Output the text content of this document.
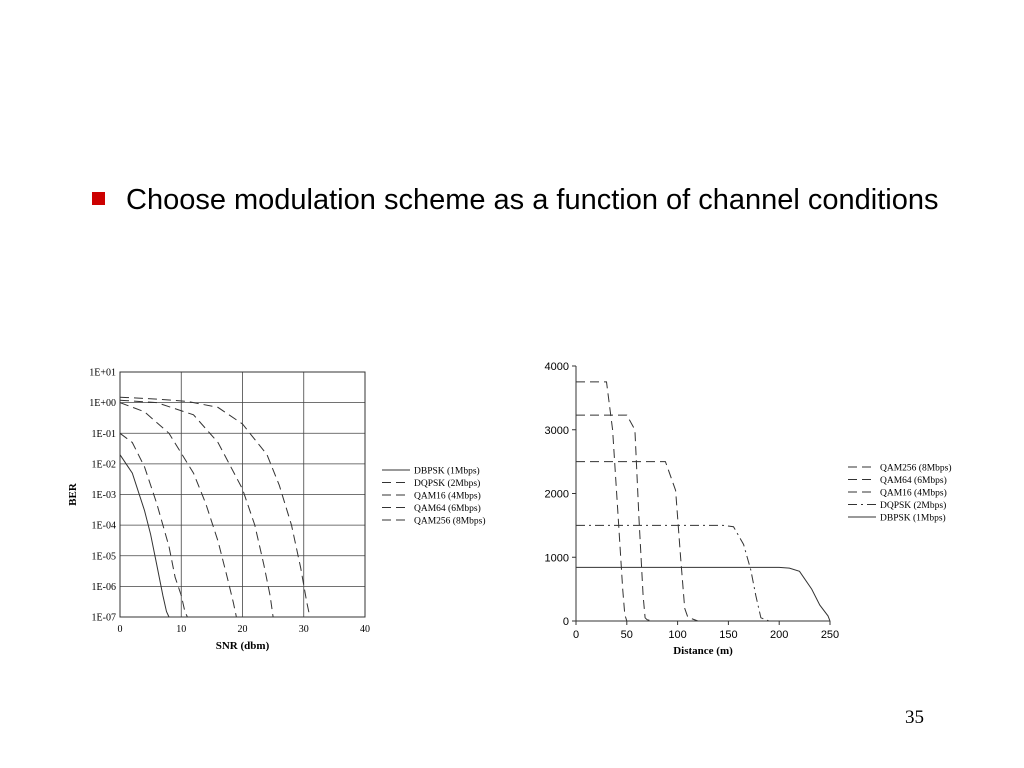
Choose modulation scheme as a function of channel conditions
1E-07
1E-06
1E-05
1E-04
1E-03
1E-02
1E-01
1E+00
1E+01
0	10	20	30	40
SNR (dbm)
BER
DBPSK (1Mbps)
DQPSK (2Mbps)
QAM16 (4Mbps)
QAM64 (6Mbps)
QAM256 (8Mbps)
0
1000
2000
3000
4000
0	50	100	150	200	250
Distance (m)
QAM256 (8Mbps)
QAM64 (6Mbps)
QAM16 (4Mbps)
DQPSK (2Mbps)
DBPSK (1Mbps)
35
